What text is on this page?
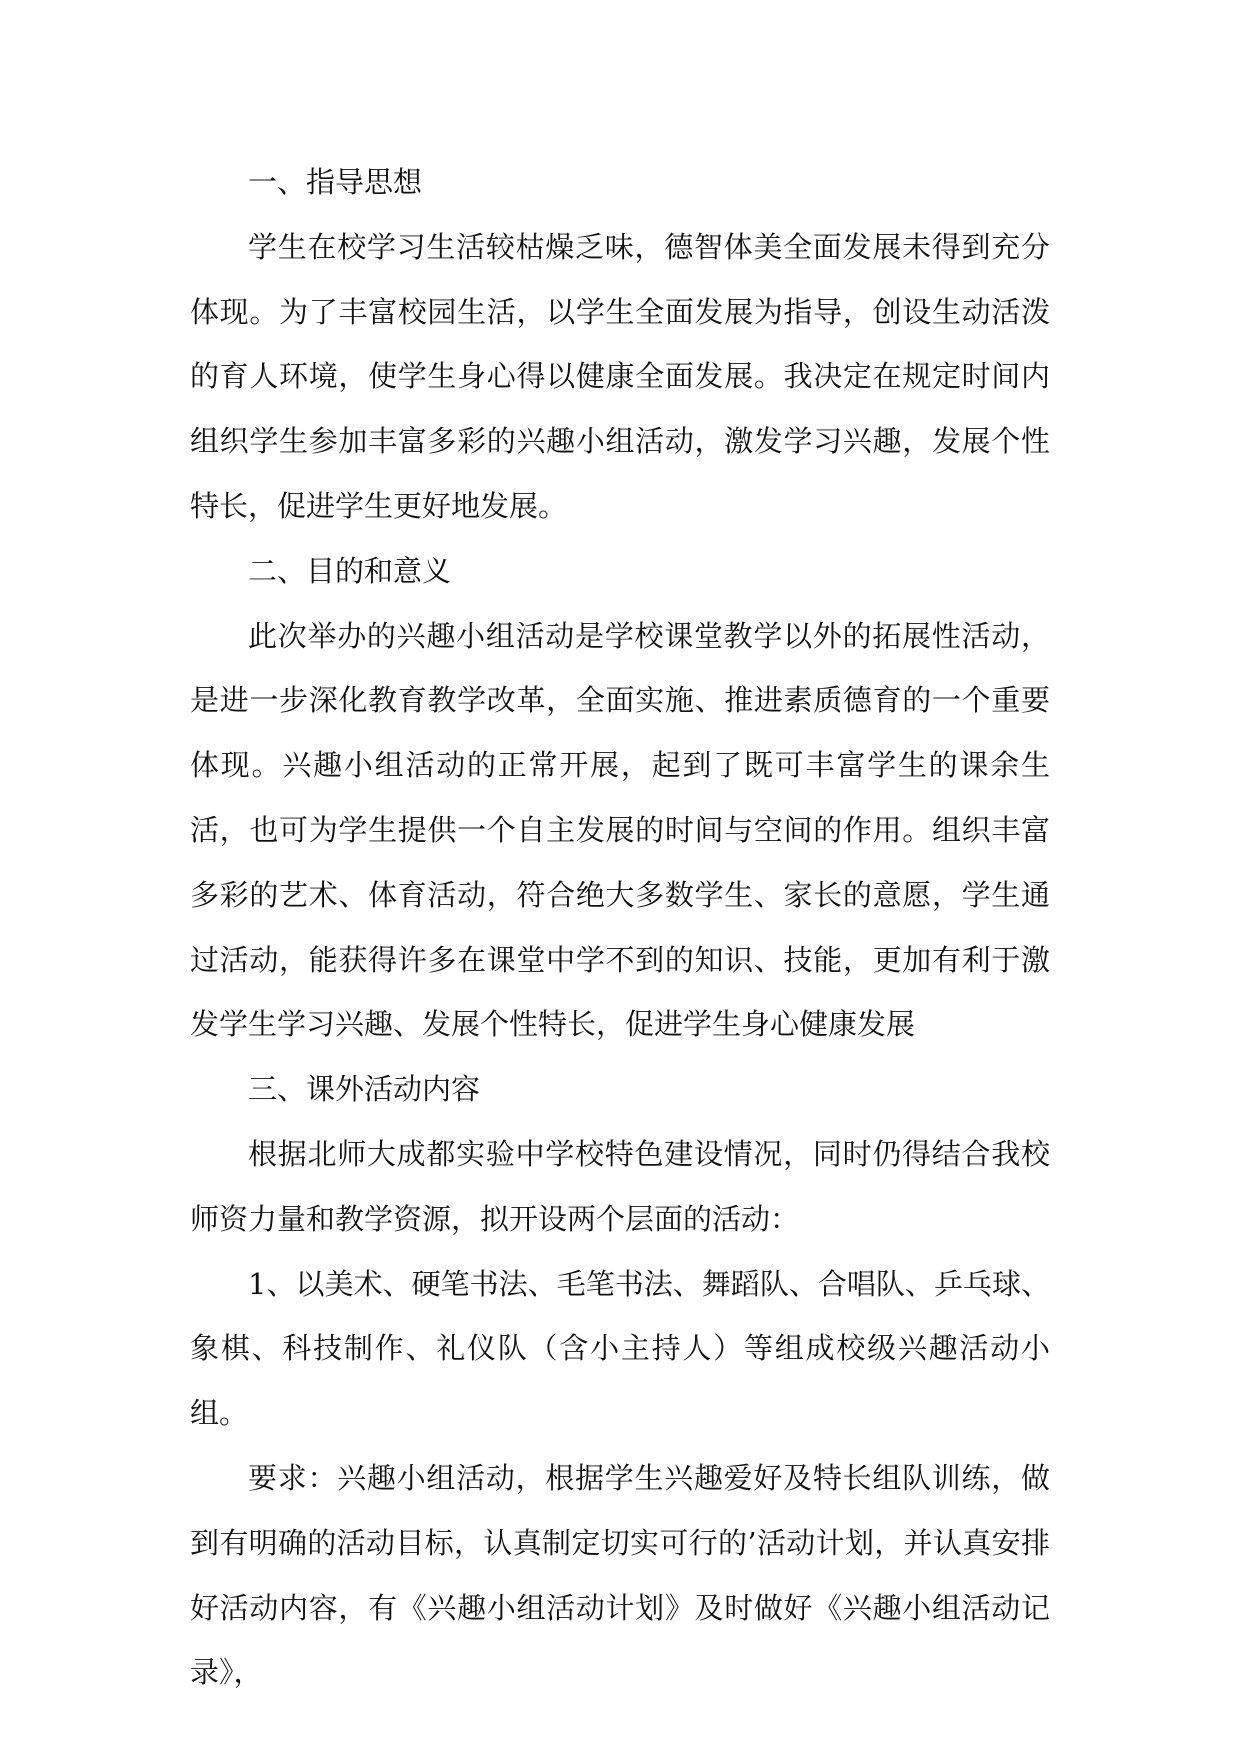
一、指导思想

学生在校学习生活较枯燥乏味，德智体美全面发展未得到充分体现。为了丰富校园生活，以学生全面发展为指导，创设生动活泼的育人环境，使学生身心得以健康全面发展。我决定在规定时间内组织学生参加丰富多彩的兴趣小组活动，激发学习兴趣，发展个性特长，促进学生更好地发展。

二、目的和意义

此次举办的兴趣小组活动是学校课堂教学以外的拓展性活动，是进一步深化教育教学改革，全面实施、推进素质德育的一个重要体现。兴趣小组活动的正常开展，起到了既可丰富学生的课余生活，也可为学生提供一个自主发展的时间与空间的作用。组织丰富多彩的艺术、体育活动，符合绝大多数学生、家长的意愿，学生通过活动，能获得许多在课堂中学不到的知识、技能，更加有利于激发学生学习兴趣、发展个性特长，促进学生身心健康发展

三、课外活动内容

根据北师大成都实验中学校特色建设情况，同时仍得结合我校师资力量和教学资源，拟开设两个层面的活动：

1、以美术、硬笔书法、毛笔书法、舞蹈队、合唱队、乒乓球、象棋、科技制作、礼仪队（含小主持人）等组成校级兴趣活动小组。

要求：兴趣小组活动，根据学生兴趣爱好及特长组队训练，做到有明确的活动目标，认真制定切实可行的’活动计划，并认真安排好活动内容，有《兴趣小组活动计划》及时做好《兴趣小组活动记录》，
